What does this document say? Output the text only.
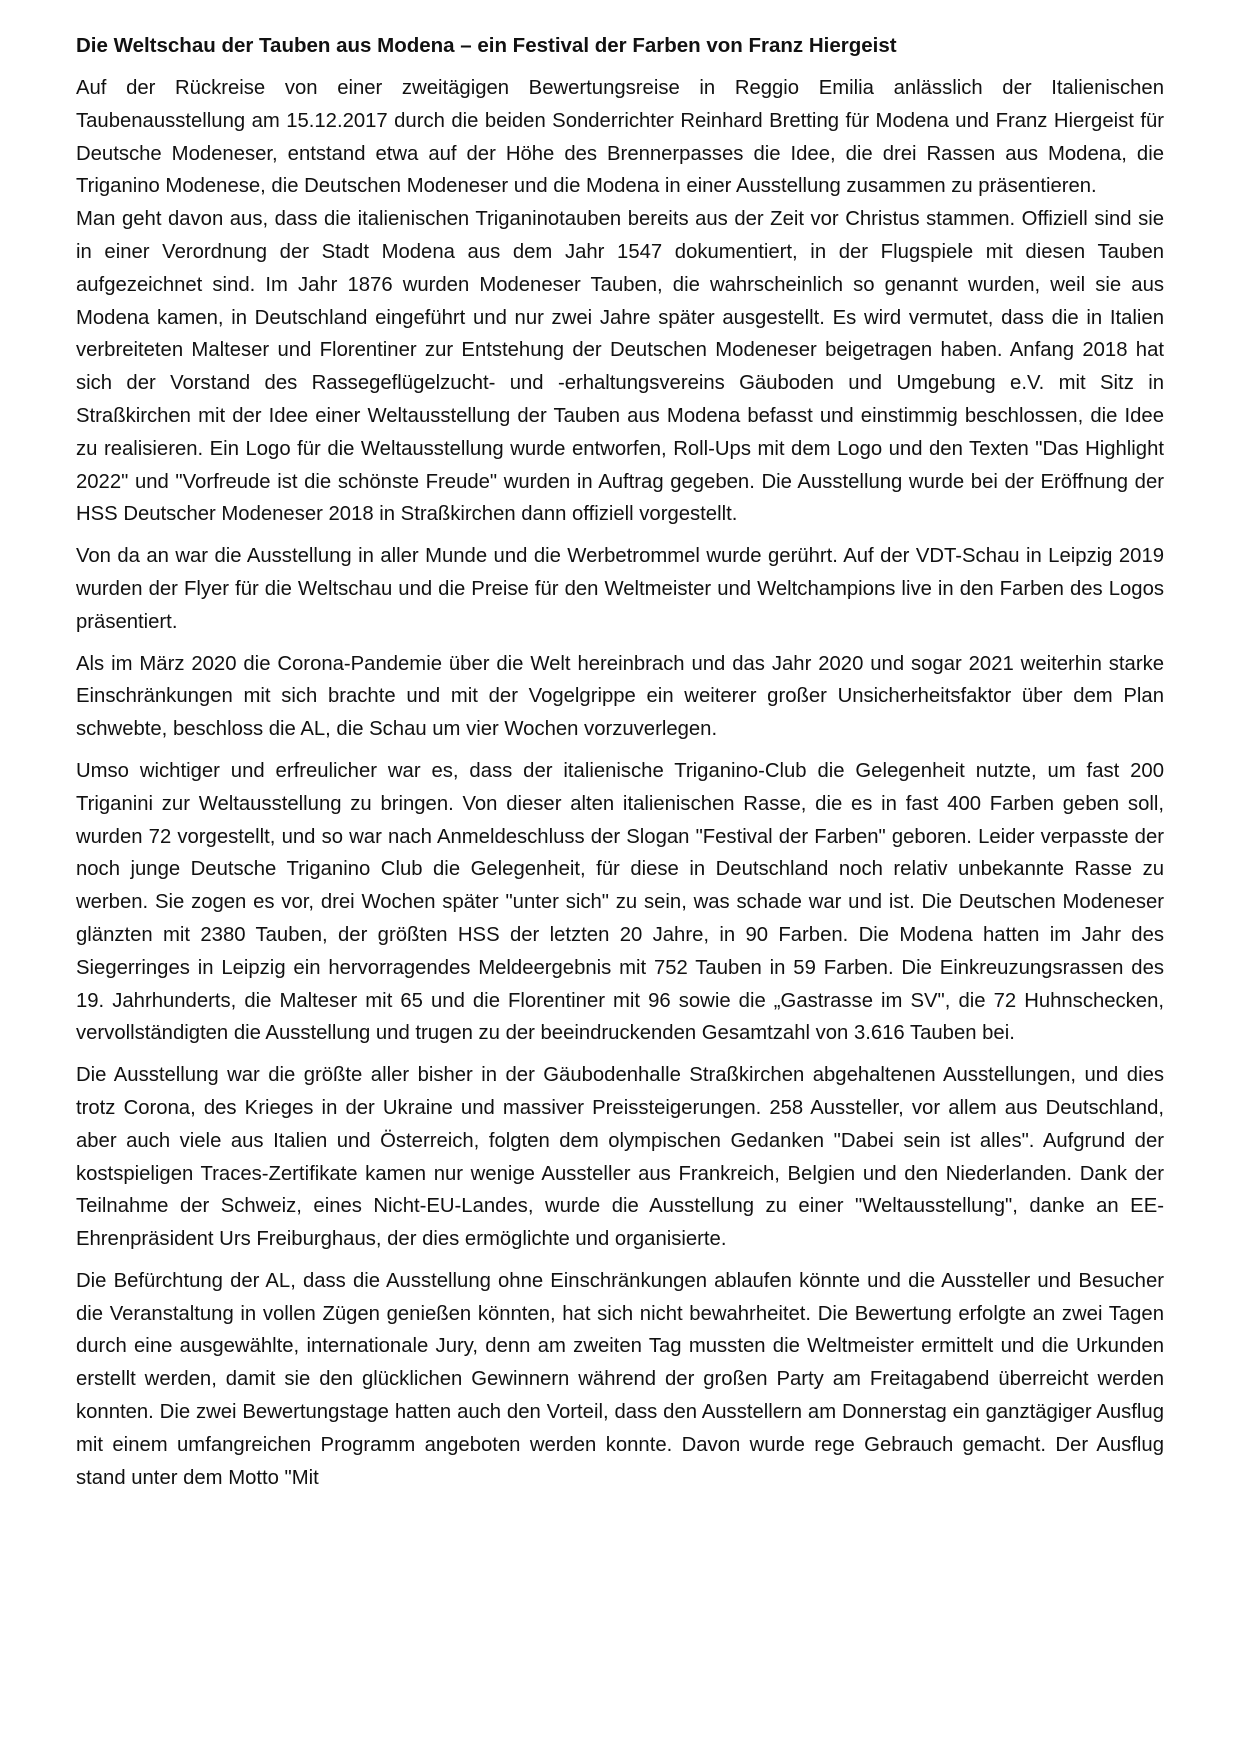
Die Weltschau der Tauben aus Modena – ein Festival der Farben von Franz Hiergeist

Auf der Rückreise von einer zweitägigen Bewertungsreise in Reggio Emilia anlässlich der Italienischen Taubenausstellung am 15.12.2017 durch die beiden Sonderrichter Reinhard Bretting für Modena und Franz Hiergeist für Deutsche Modeneser, entstand etwa auf der Höhe des Brennerpasses die Idee, die drei Rassen aus Modena, die Triganino Modenese, die Deutschen Modeneser und die Modena in einer Ausstellung zusammen zu präsentieren.

Man geht davon aus, dass die italienischen Triganinotauben bereits aus der Zeit vor Christus stammen. Offiziell sind sie in einer Verordnung der Stadt Modena aus dem Jahr 1547 dokumentiert, in der Flugspiele mit diesen Tauben aufgezeichnet sind. Im Jahr 1876 wurden Modeneser Tauben, die wahrscheinlich so genannt wurden, weil sie aus Modena kamen, in Deutschland eingeführt und nur zwei Jahre später ausgestellt. Es wird vermutet, dass die in Italien verbreiteten Malteser und Florentiner zur Entstehung der Deutschen Modeneser beigetragen haben. Anfang 2018 hat sich der Vorstand des Rassegeflügelzucht- und -erhaltungsvereins Gäuboden und Umgebung e.V. mit Sitz in Straßkirchen mit der Idee einer Weltausstellung der Tauben aus Modena befasst und einstimmig beschlossen, die Idee zu realisieren. Ein Logo für die Weltausstellung wurde entworfen, Roll-Ups mit dem Logo und den Texten "Das Highlight 2022" und "Vorfreude ist die schönste Freude" wurden in Auftrag gegeben. Die Ausstellung wurde bei der Eröffnung der HSS Deutscher Modeneser 2018 in Straßkirchen dann offiziell vorgestellt.

Von da an war die Ausstellung in aller Munde und die Werbetrommel wurde gerührt. Auf der VDT-Schau in Leipzig 2019 wurden der Flyer für die Weltschau und die Preise für den Weltmeister und Weltchampions live in den Farben des Logos präsentiert.

Als im März 2020 die Corona-Pandemie über die Welt hereinbrach und das Jahr 2020 und sogar 2021 weiterhin starke Einschränkungen mit sich brachte und mit der Vogelgrippe ein weiterer großer Unsicherheitsfaktor über dem Plan schwebte, beschloss die AL, die Schau um vier Wochen vorzuverlegen.

Umso wichtiger und erfreulicher war es, dass der italienische Triganino-Club die Gelegenheit nutzte, um fast 200 Triganini zur Weltausstellung zu bringen. Von dieser alten italienischen Rasse, die es in fast 400 Farben geben soll, wurden 72 vorgestellt, und so war nach Anmeldeschluss der Slogan "Festival der Farben" geboren. Leider verpasste der noch junge Deutsche Triganino Club die Gelegenheit, für diese in Deutschland noch relativ unbekannte Rasse zu werben. Sie zogen es vor, drei Wochen später "unter sich" zu sein, was schade war und ist. Die Deutschen Modeneser glänzten mit 2380 Tauben, der größten HSS der letzten 20 Jahre, in 90 Farben. Die Modena hatten im Jahr des Siegerringes in Leipzig ein hervorragendes Meldeergebnis mit 752 Tauben in 59 Farben. Die Einkreuzungsrassen des 19. Jahrhunderts, die Malteser mit 65 und die Florentiner mit 96 sowie die „Gastrasse im SV", die 72 Huhnschecken, vervollständigten die Ausstellung und trugen zu der beeindruckenden Gesamtzahl von 3.616 Tauben bei.

Die Ausstellung war die größte aller bisher in der Gäubodenhalle Straßkirchen abgehaltenen Ausstellungen, und dies trotz Corona, des Krieges in der Ukraine und massiver Preissteigerungen. 258 Aussteller, vor allem aus Deutschland, aber auch viele aus Italien und Österreich, folgten dem olympischen Gedanken "Dabei sein ist alles". Aufgrund der kostspieligen Traces-Zertifikate kamen nur wenige Aussteller aus Frankreich, Belgien und den Niederlanden. Dank der Teilnahme der Schweiz, eines Nicht-EU-Landes, wurde die Ausstellung zu einer "Weltausstellung", danke an EE-Ehrenpräsident Urs Freiburghaus, der dies ermöglichte und organisierte.

Die Befürchtung der AL, dass die Ausstellung ohne Einschränkungen ablaufen könnte und die Aussteller und Besucher die Veranstaltung in vollen Zügen genießen könnten, hat sich nicht bewahrheitet. Die Bewertung erfolgte an zwei Tagen durch eine ausgewählte, internationale Jury, denn am zweiten Tag mussten die Weltmeister ermittelt und die Urkunden erstellt werden, damit sie den glücklichen Gewinnern während der großen Party am Freitagabend überreicht werden konnten. Die zwei Bewertungstage hatten auch den Vorteil, dass den Ausstellern am Donnerstag ein ganztägiger Ausflug mit einem umfangreichen Programm angeboten werden konnte. Davon wurde rege Gebrauch gemacht. Der Ausflug stand unter dem Motto "Mit
